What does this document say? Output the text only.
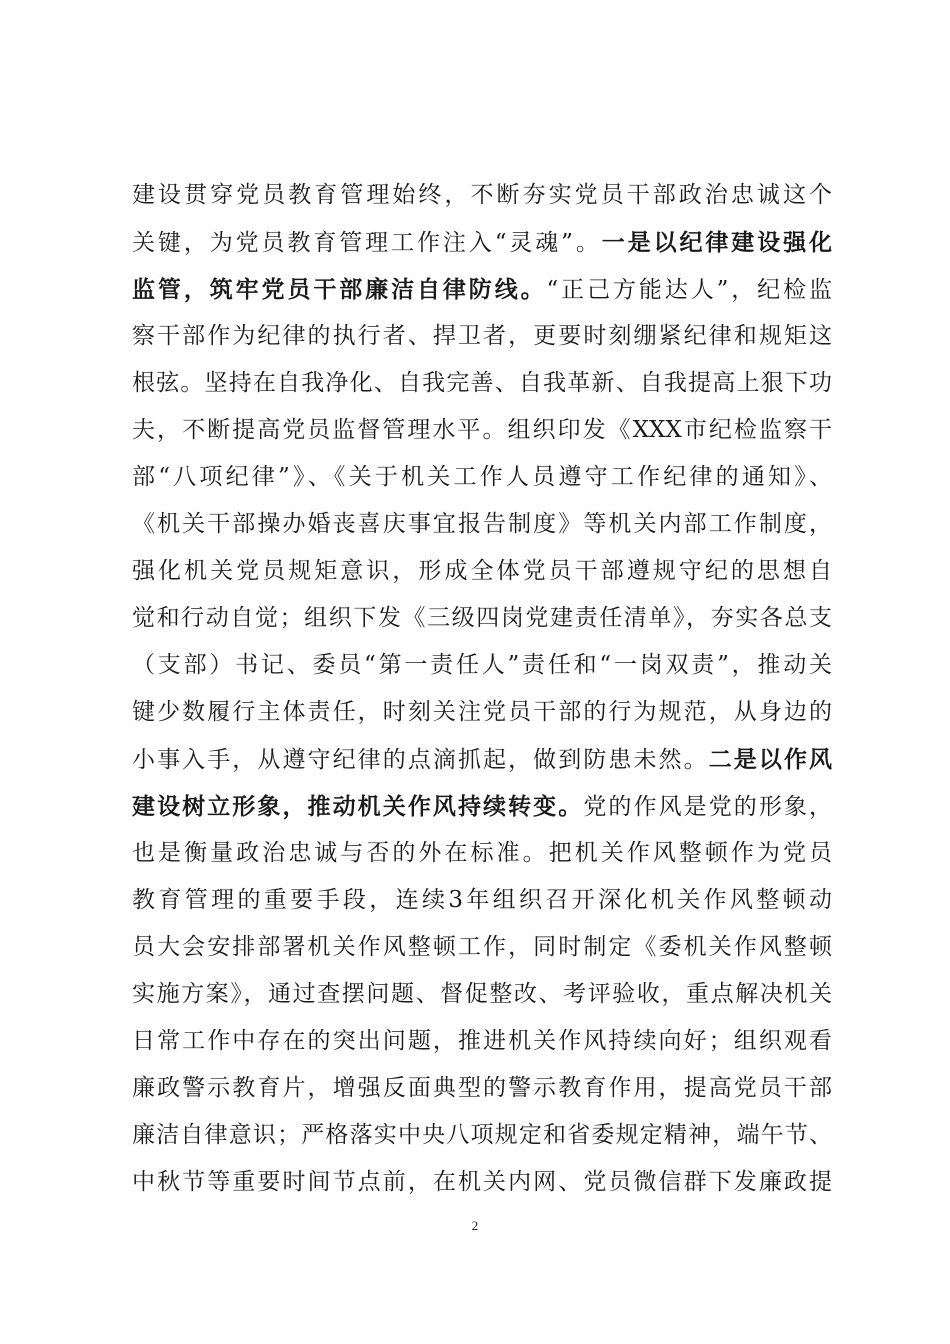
建设贯穿党员教育管理始终，不断夯实党员干部政治忠诚这个
关键，为党员教育管理工作注入“灵魂”。一是以纪律建设强化
监管，筑牢党员干部廉洁自律防线。“正己方能达人”，纪检监
察干部作为纪律的执行者、捍卫者，更要时刻绷紧纪律和规矩这
根弦。坚持在自我净化、自我完善、自我革新、自我提高上狠下功
夫，不断提高党员监督管理水平。组织印发《XXX市纪检监察干
部“八项纪律”》、《关于机关工作人员遵守工作纪律的通知》、
《机关干部操办婚丧喜庆事宜报告制度》等机关内部工作制度，
强化机关党员规矩意识，形成全体党员干部遵规守纪的思想自
觉和行动自觉；组织下发《三级四岗党建责任清单》，夯实各总支
（支部）书记、委员“第一责任人”责任和“一岗双责”，推动关
键少数履行主体责任，时刻关注党员干部的行为规范，从身边的
小事入手，从遵守纪律的点滴抓起，做到防患未然。二是以作风
建设树立形象，推动机关作风持续转变。党的作风是党的形象，
也是衡量政治忠诚与否的外在标准。把机关作风整顿作为党员
教育管理的重要手段，连续3年组织召开深化机关作风整顿动
员大会安排部署机关作风整顿工作，同时制定《委机关作风整顿
实施方案》，通过查摆问题、督促整改、考评验收，重点解决机关
日常工作中存在的突出问题，推进机关作风持续向好；组织观看
廉政警示教育片，增强反面典型的警示教育作用，提高党员干部
廉洁自律意识；严格落实中央八项规定和省委规定精神，端午节、
中秋节等重要时间节点前，在机关内网、党员微信群下发廉政提
2
